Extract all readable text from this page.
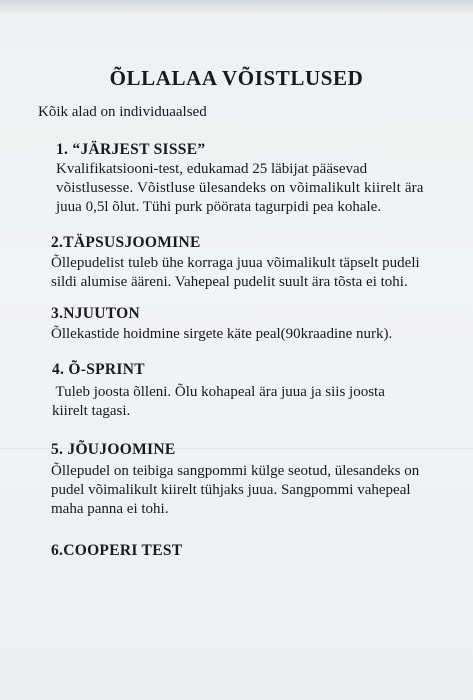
ÕLLALAA VÕISTLUSED
Kõik alad on individuaalsed
1. “JÄRJEST SISSE”
Kvalifikatsiooni-test, edukamad 25 läbijat pääsevad
võistlusesse. Võistluse ülesandeks on võimalikult kiirelt ära
juua 0,5l õlut. Tühi purk pöörata tagurpidi pea kohale.
2.TÄPSUSJOOMINE
Õllepudelist tuleb ühe korraga juua võimalikult täpselt pudeli
sildi alumise ääreni. Vahepeal pudelit suult ära tõsta ei tohi.
3.NJUUTON
Õllekastide hoidmine sirgete käte peal(90kraadine nurk).
4. Õ-SPRINT
Tuleb joosta õlleni. Õlu kohapeal ära juua ja siis joosta
kiirelt tagasi.
5. JÕUJOOMINE
Õllepudel on teibiga sangpommi külge seotud, ülesandeks on
pudel võimalikult kiirelt tühjaks juua. Sangpommi vahepeal
maha panna ei tohi.
6.COOPERI TEST
